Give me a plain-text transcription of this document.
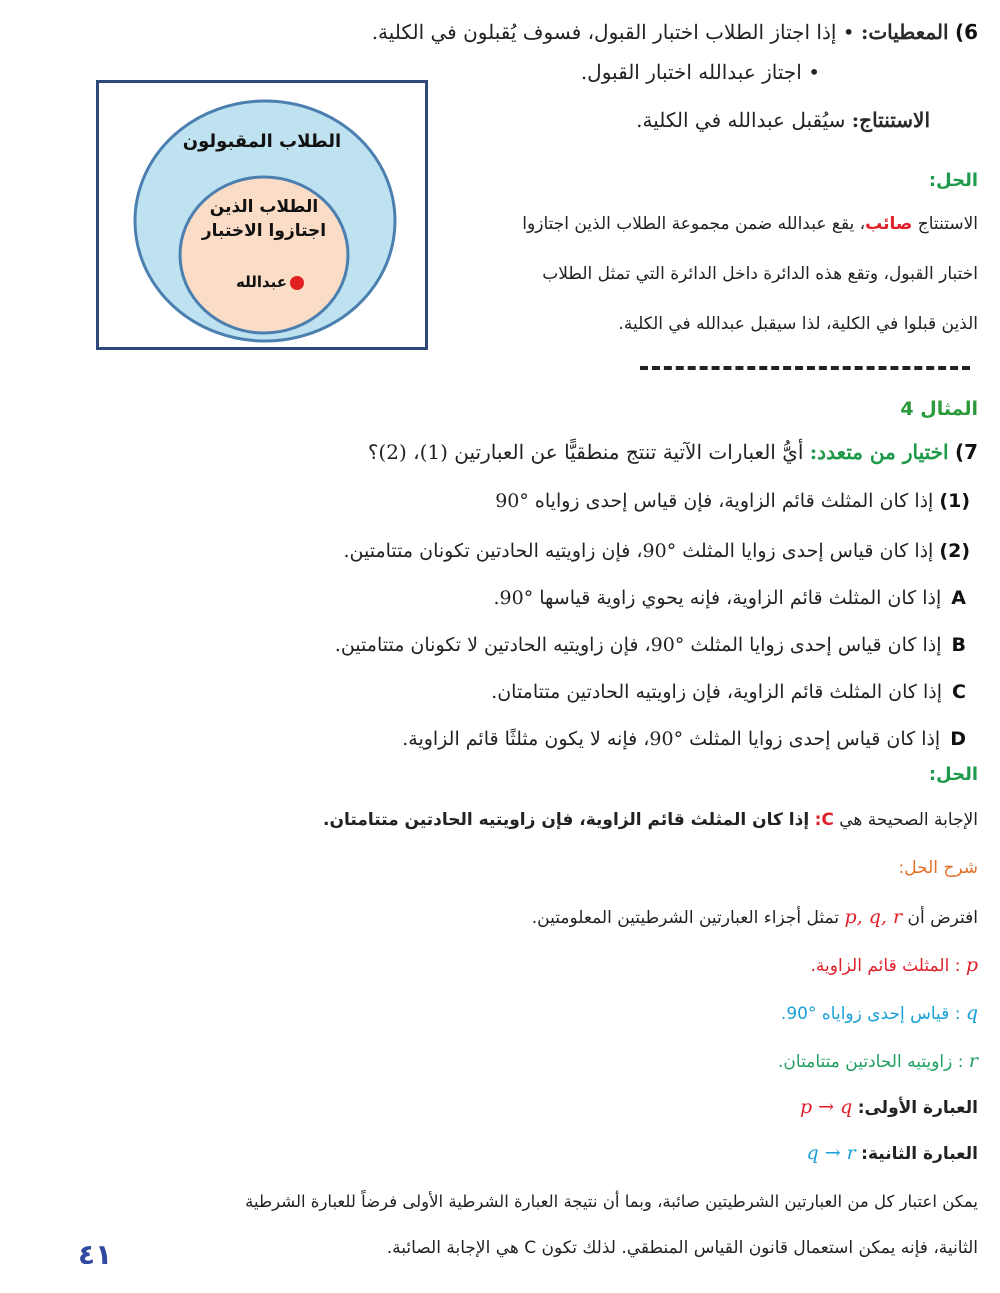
6) المعطيات: • إذا اجتاز الطلاب اختبار القبول، فسوف يُقبلون في الكلية.
• اجتاز عبدالله اختبار القبول.
الاستنتاج: سيُقبل عبدالله في الكلية.
الطلاب المقبولون
الطلاب الذين
اجتازوا الاختبار
عبدالله
الحل:
الاستنتاج صائب، يقع عبدالله ضمن مجموعة الطلاب الذين اجتازوا
اختبار القبول، وتقع هذه الدائرة داخل الدائرة التي تمثل الطلاب
الذين قبلوا في الكلية، لذا سيقبل عبدالله في الكلية.
المثال 4
7) اختيار من متعدد: أيُّ العبارات الآتية تنتج منطقيًّا عن العبارتين (1)، (2)؟
(1) إذا كان المثلث قائم الزاوية، فإن قياس إحدى زواياه °90
(2) إذا كان قياس إحدى زوايا المثلث °90، فإن زاويتيه الحادتين تكونان متتامتين.
Aإذا كان المثلث قائم الزاوية، فإنه يحوي زاوية قياسها °90.
Bإذا كان قياس إحدى زوايا المثلث °90، فإن زاويتيه الحادتين لا تكونان متتامتين.
Cإذا كان المثلث قائم الزاوية، فإن زاويتيه الحادتين متتامتان.
Dإذا كان قياس إحدى زوايا المثلث °90، فإنه لا يكون مثلثًا قائم الزاوية.
الحل:
الإجابة الصحيحة هي C: إذا كان المثلث قائم الزاوية، فإن زاويتيه الحادتين متتامتان.
شرح الحل:
افترض أن p, q, r تمثل أجزاء العبارتين الشرطيتين المعلومتين.
p : المثلث قائم الزاوية.
q : قياس إحدى زواياه °90.
r : زاويتيه الحادتين متتامتان.
العبارة الأولى: p → q
العبارة الثانية: q → r
يمكن اعتبار كل من العبارتين الشرطيتين صائبة، وبما أن نتيجة العبارة الشرطية الأولى فرضاً للعبارة الشرطية
الثانية، فإنه يمكن استعمال قانون القياس المنطقي. لذلك تكون C هي الإجابة الصائبة.
٤١
